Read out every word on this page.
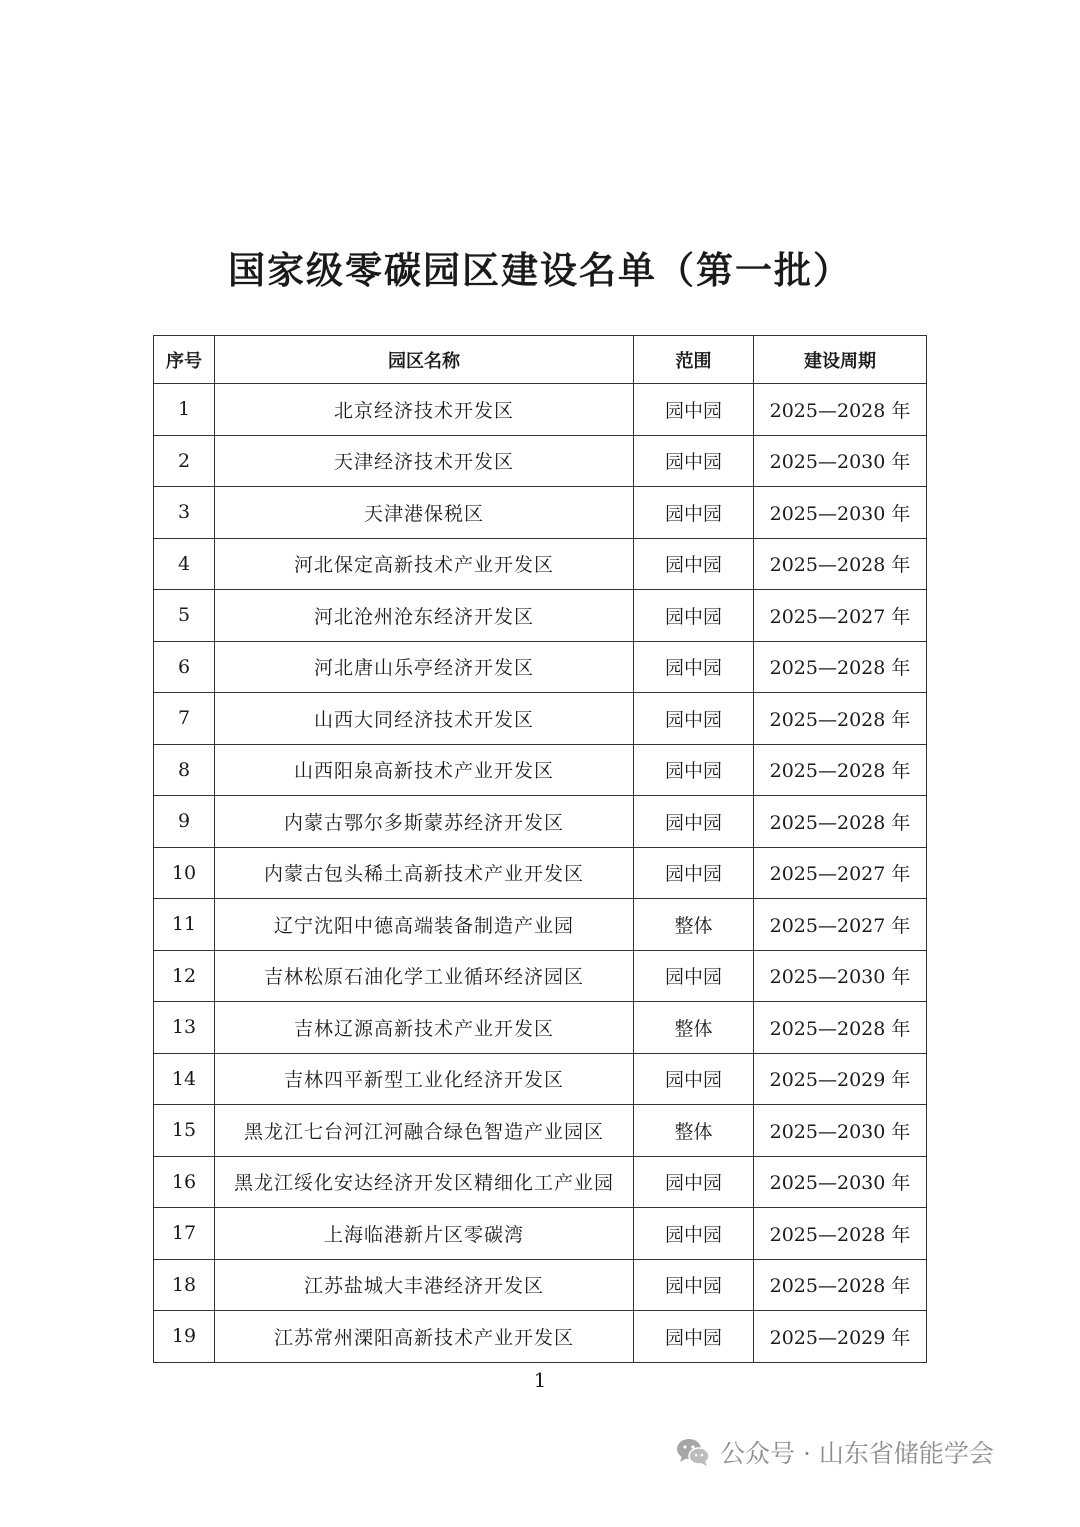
国家级零碳园区建设名单（第一批）
序号	园区名称	范围	建设周期
1	北京经济技术开发区	园中园	2025—2028 年
2	天津经济技术开发区	园中园	2025—2030 年
3	天津港保税区	园中园	2025—2030 年
4	河北保定高新技术产业开发区	园中园	2025—2028 年
5	河北沧州沧东经济开发区	园中园	2025—2027 年
6	河北唐山乐亭经济开发区	园中园	2025—2028 年
7	山西大同经济技术开发区	园中园	2025—2028 年
8	山西阳泉高新技术产业开发区	园中园	2025—2028 年
9	内蒙古鄂尔多斯蒙苏经济开发区	园中园	2025—2028 年
10	内蒙古包头稀土高新技术产业开发区	园中园	2025—2027 年
11	辽宁沈阳中德高端装备制造产业园	整体	2025—2027 年
12	吉林松原石油化学工业循环经济园区	园中园	2025—2030 年
13	吉林辽源高新技术产业开发区	整体	2025—2028 年
14	吉林四平新型工业化经济开发区	园中园	2025—2029 年
15	黑龙江七台河江河融合绿色智造产业园区	整体	2025—2030 年
16	黑龙江绥化安达经济开发区精细化工产业园	园中园	2025—2030 年
17	上海临港新片区零碳湾	园中园	2025—2028 年
18	江苏盐城大丰港经济开发区	园中园	2025—2028 年
19	江苏常州溧阳高新技术产业开发区	园中园	2025—2029 年
1
公众号 · 山东省储能学会
